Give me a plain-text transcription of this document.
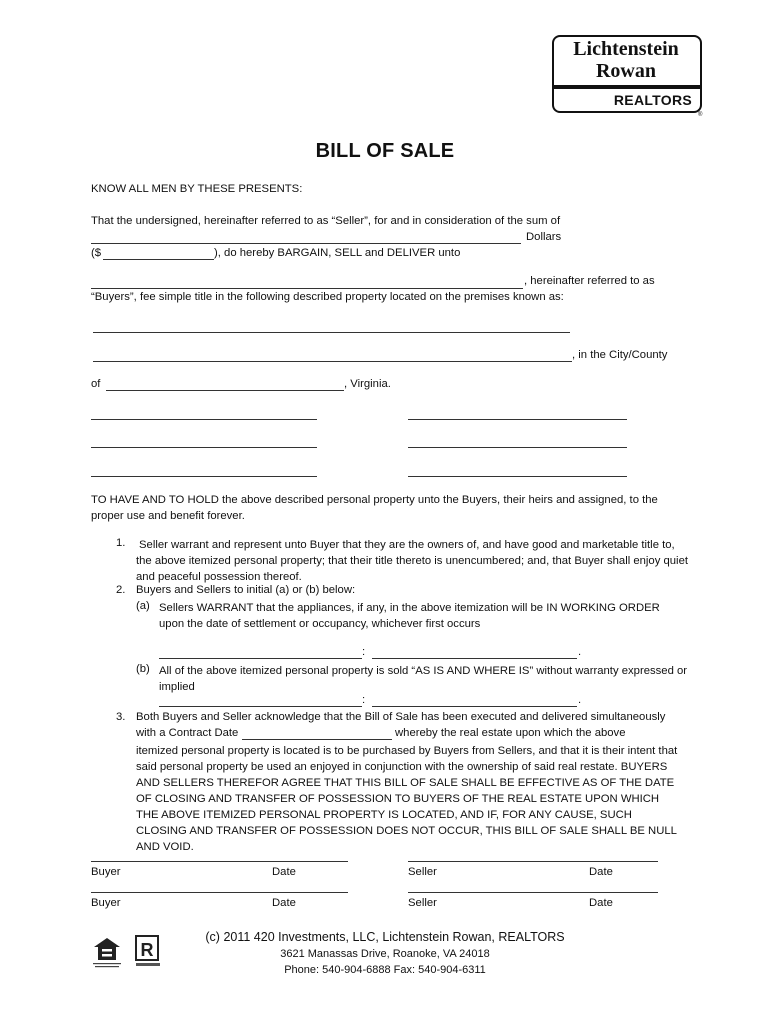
Lichtenstein
Rowan
REALTORS
®
BILL OF SALE
KNOW ALL MEN BY THESE PRESENTS:
That the undersigned, hereinafter referred to as “Seller”, for and in consideration of the sum of
Dollars
($	), do hereby BARGAIN, SELL and DELIVER unto
, hereinafter referred to as
“Buyers”, fee simple title in the following described property located on the premises known as:
, in the City/County
of	, Virginia.
TO HAVE AND TO HOLD the above described personal property unto the Buyers, their heirs and assigned, to the proper use and benefit forever.
1. Seller warrant and represent unto Buyer that they are the owners of, and have good and marketable title to, the above itemized personal property; that their title thereto is unencumbered; and, that Buyer shall enjoy quiet and peaceful possession thereof.
2. Buyers and Sellers to initial (a) or (b) below:
(a) Sellers WARRANT that the appliances, if any, in the above itemization will be IN WORKING ORDER upon the date of settlement or occupancy, whichever first occurs
:	.
(b) All of the above itemized personal property is sold “AS IS AND WHERE IS” without warranty expressed or implied
:	.
3. Both Buyers and Seller acknowledge that the Bill of Sale has been executed and delivered simultaneously
with a Contract Date	whereby the real estate upon which the above
itemized personal property is located is to be purchased by Buyers from Sellers, and that it is their intent that said personal property be used an enjoyed in conjunction with the ownership of said real restate. BUYERS AND SELLERS THEREFOR AGREE THAT THIS BILL OF SALE SHALL BE EFFECTIVE AS OF THE DATE OF CLOSING AND TRANSFER OF POSSESSION TO BUYERS OF THE REAL ESTATE UPON WHICH THE ABOVE ITEMIZED PERSONAL PROPERTY IS LOCATED, AND IF, FOR ANY CAUSE, SUCH CLOSING AND TRANSFER OF POSSESSION DOES NOT OCCUR, THIS BILL OF SALE SHALL BE NULL AND VOID.
Buyer	Date	Seller	Date
Buyer	Date	Seller	Date
R
(c) 2011 420 Investments, LLC, Lichtenstein Rowan, REALTORS
3621 Manassas Drive, Roanoke, VA 24018
Phone: 540-904-6888 Fax: 540-904-6311
